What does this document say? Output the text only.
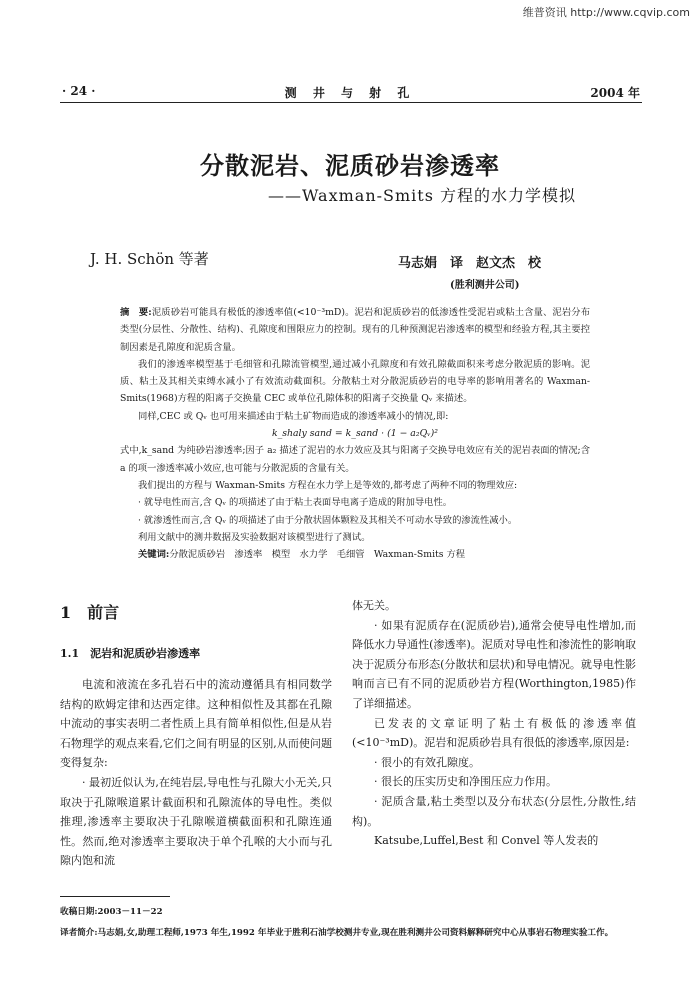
维普资讯 http://www.cqvip.com
· 24 ·	测 井 与 射 孔	2004 年
分散泥岩、泥质砂岩渗透率
——Waxman-Smits 方程的水力学模拟
J. H. Schön 等著	马志娟　译　赵文杰　校
(胜利测井公司)

摘　要:泥质砂岩可能具有极低的渗透率值(<10⁻³mD)。泥岩和泥质砂岩的低渗透性受泥岩或粘土含量、泥岩分布类型(分层性、分散性、结构)、孔隙度和围限应力的控制。现有的几种预测泥岩渗透率的模型和经验方程,其主要控制因素是孔隙度和泥质含量。

我们的渗透率模型基于毛细管和孔隙流管模型,通过减小孔隙度和有效孔隙截面积来考虑分散泥质的影响。泥质、粘土及其相关束缚水减小了有效流动截面积。分散粘土对分散泥质砂岩的电导率的影响用著名的 Waxman-Smits(1968)方程的阳离子交换量 CEC 或单位孔隙体积的阳离子交换量 Qᵥ 来描述。

同样,CEC 或 Qᵥ 也可用来描述由于粘土矿物而造成的渗透率减小的情况,即:

k_shaly sand = k_sand · (1 − a₂Qᵥ)²

式中,k_sand 为纯砂岩渗透率;因子 a₂ 描述了泥岩的水力效应及其与阳离子交换导电效应有关的泥岩表面的情况;含 a 的项一渗透率减小效应,也可能与分散泥质的含量有关。

我们提出的方程与 Waxman-Smits 方程在水力学上是等效的,都考虑了两种不同的物理效应:

· 就导电性而言,含 Qᵥ 的项描述了由于粘土表面导电离子造成的附加导电性。

· 就渗透性而言,含 Qᵥ 的项描述了由于分散状固体颗粒及其相关不可动水导致的渗流性减小。

利用文献中的测井数据及实验数据对该模型进行了测试。

关键词:分散泥质砂岩　渗透率　模型　水力学　毛细管　Waxman-Smits 方程

1　前言

1.1　泥岩和泥质砂岩渗透率

电流和液流在多孔岩石中的流动遵循具有相同数学结构的欧姆定律和达西定律。这种相似性及其都在孔隙中流动的事实表明二者性质上具有简单相似性,但是从岩石物理学的观点来看,它们之间有明显的区别,从而使问题变得复杂:

· 最初近似认为,在纯岩层,导电性与孔隙大小无关,只取决于孔隙喉道累计截面积和孔隙流体的导电性。类似推理,渗透率主要取决于孔隙喉道横截面积和孔隙连通性。然而,绝对渗透率主要取决于单个孔喉的大小而与孔隙内饱和流

体无关。

· 如果有泥质存在(泥质砂岩),通常会使导电性增加,而降低水力导通性(渗透率)。泥质对导电性和渗流性的影响取决于泥质分布形态(分散状和层状)和导电情况。就导电性影响而言已有不同的泥质砂岩方程(Worthington,1985)作了详细描述。

已发表的文章证明了粘土有极低的渗透率值(<10⁻³mD)。泥岩和泥质砂岩具有很低的渗透率,原因是:

· 很小的有效孔隙度。

· 很长的压实历史和净围压应力作用。

· 泥质含量,粘土类型以及分布状态(分层性,分散性,结构)。

Katsube,Luffel,Best 和 Convel 等人发表的

收稿日期:2003－11－22
译者简介:马志娟,女,助理工程师,1973 年生,1992 年毕业于胜利石油学校测井专业,现在胜利测井公司资料解释研究中心从事岩石物理实验工作。
